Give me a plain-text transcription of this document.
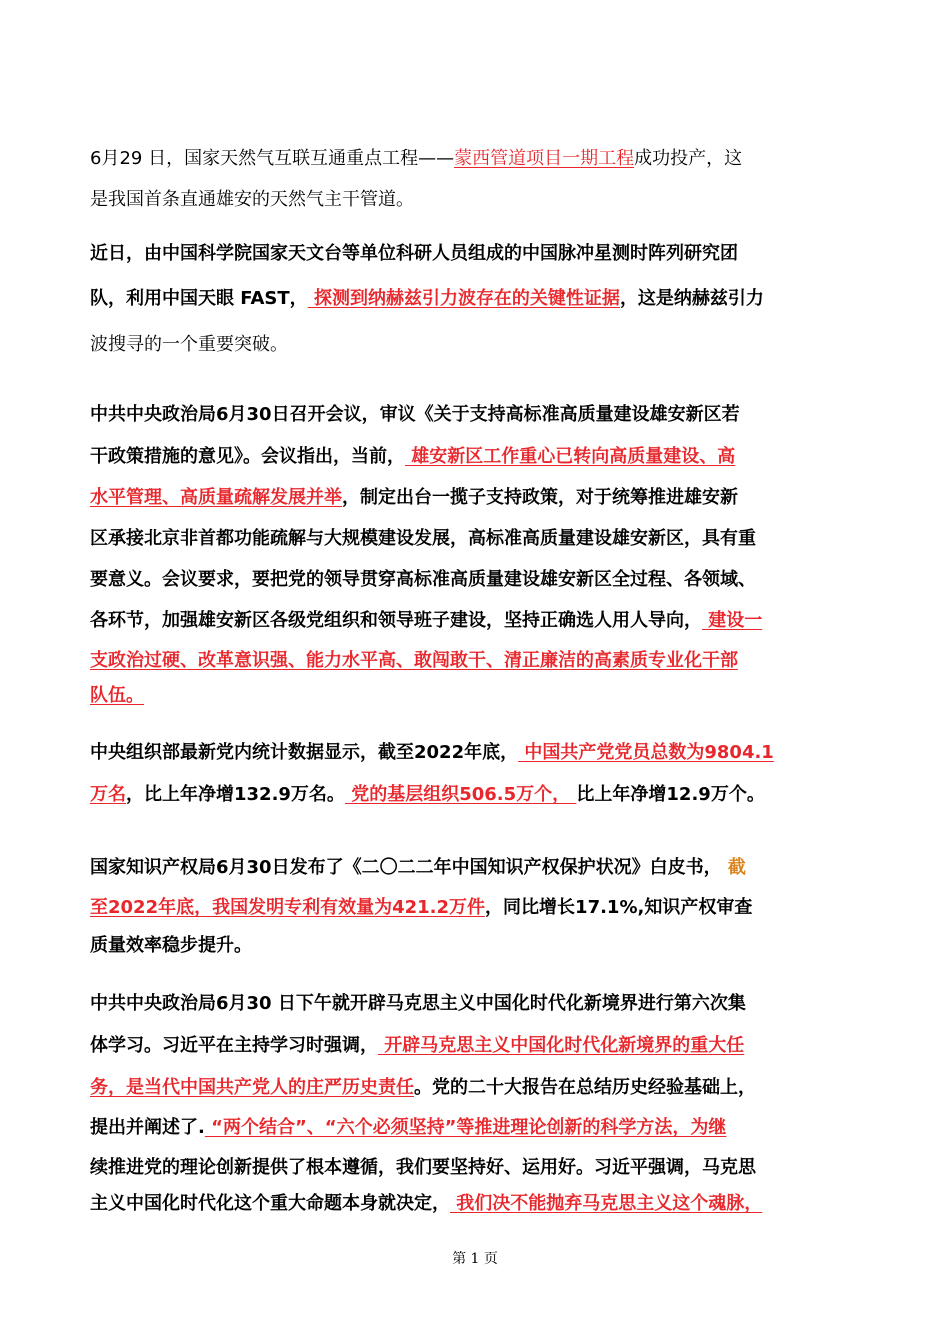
6月29 日，国家天然气互联互通重点工程——蒙西管道项目一期工程成功投产，这
是我国首条直通雄安的天然气主干管道。
近日，由中国科学院国家天文台等单位科研人员组成的中国脉冲星测时阵列研究团
队，利用中国天眼 FAST， 探测到纳赫兹引力波存在的关键性证据，这是纳赫兹引力
波搜寻的一个重要突破。
中共中央政治局6月30日召开会议，审议《关于支持高标准高质量建设雄安新区若
干政策措施的意见》。会议指出，当前， 雄安新区工作重心已转向高质量建设、高
水平管理、高质量疏解发展并举，制定出台一揽子支持政策，对于统筹推进雄安新
区承接北京非首都功能疏解与大规模建设发展，高标准高质量建设雄安新区，具有重
要意义。会议要求，要把党的领导贯穿高标准高质量建设雄安新区全过程、各领域、
各环节，加强雄安新区各级党组织和领导班子建设，坚持正确选人用人导向， 建设一
支政治过硬、改革意识强、能力水平高、敢闯敢干、清正廉洁的高素质专业化干部
队伍。
中央组织部最新党内统计数据显示，截至2022年底， 中国共产党党员总数为9804.1
万名，比上年净增132.9万名。 党的基层组织506.5万个， 比上年净增12.9万个。
国家知识产权局6月30日发布了《二〇二二年中国知识产权保护状况》白皮书， 截
至2022年底，我国发明专利有效量为421.2万件，同比增长17.1%,知识产权审查
质量效率稳步提升。
中共中央政治局6月30 日下午就开辟马克思主义中国化时代化新境界进行第六次集
体学习。习近平在主持学习时强调， 开辟马克思主义中国化时代化新境界的重大任
务，是当代中国共产党人的庄严历史责任。党的二十大报告在总结历史经验基础上，
提出并阐述了. “两个结合”、“六个必须坚持”等推进理论创新的科学方法，为继
续推进党的理论创新提供了根本遵循，我们要坚持好、运用好。习近平强调，马克思
主义中国化时代化这个重大命题本身就决定， 我们决不能抛弃马克思主义这个魂脉，
第 1 页
